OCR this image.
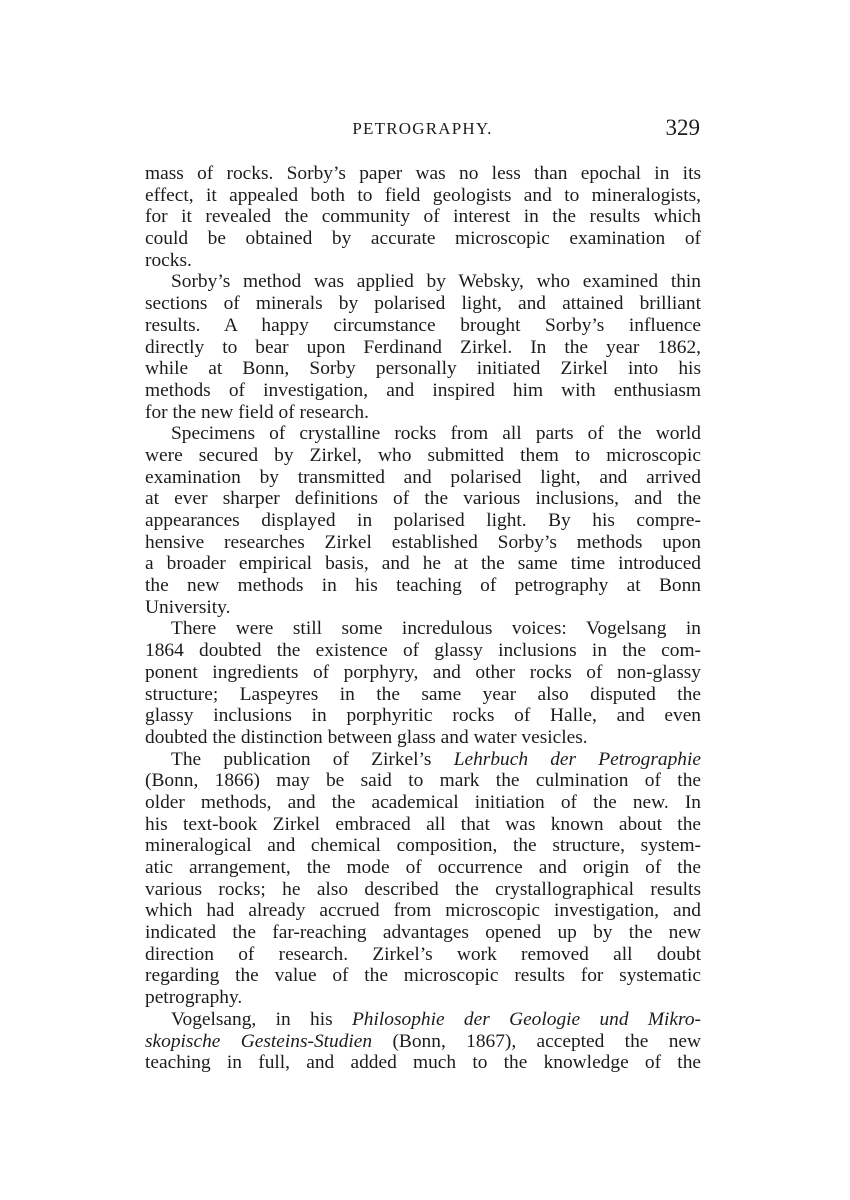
PETROGRAPHY.	329
mass of rocks. Sorby’s paper was no less than epochal in its
effect, it appealed both to field geologists and to mineralogists,
for it revealed the community of interest in the results which
could be obtained by accurate microscopic examination of
rocks.
Sorby’s method was applied by Websky, who examined thin
sections of minerals by polarised light, and attained brilliant
results. A happy circumstance brought Sorby’s influence
directly to bear upon Ferdinand Zirkel. In the year 1862,
while at Bonn, Sorby personally initiated Zirkel into his
methods of investigation, and inspired him with enthusiasm
for the new field of research.
Specimens of crystalline rocks from all parts of the world
were secured by Zirkel, who submitted them to microscopic
examination by transmitted and polarised light, and arrived
at ever sharper definitions of the various inclusions, and the
appearances displayed in polarised light. By his compre-
hensive researches Zirkel established Sorby’s methods upon
a broader empirical basis, and he at the same time introduced
the new methods in his teaching of petrography at Bonn
University.
There were still some incredulous voices: Vogelsang in
1864 doubted the existence of glassy inclusions in the com-
ponent ingredients of porphyry, and other rocks of non-glassy
structure; Laspeyres in the same year also disputed the
glassy inclusions in porphyritic rocks of Halle, and even
doubted the distinction between glass and water vesicles.
The publication of Zirkel’s Lehrbuch der Petrographie
(Bonn, 1866) may be said to mark the culmination of the
older methods, and the academical initiation of the new. In
his text-book Zirkel embraced all that was known about the
mineralogical and chemical composition, the structure, system-
atic arrangement, the mode of occurrence and origin of the
various rocks; he also described the crystallographical results
which had already accrued from microscopic investigation, and
indicated the far-reaching advantages opened up by the new
direction of research. Zirkel’s work removed all doubt
regarding the value of the microscopic results for systematic
petrography.
Vogelsang, in his Philosophie der Geologie und Mikro-
skopische Gesteins-Studien (Bonn, 1867), accepted the new
teaching in full, and added much to the knowledge of the
